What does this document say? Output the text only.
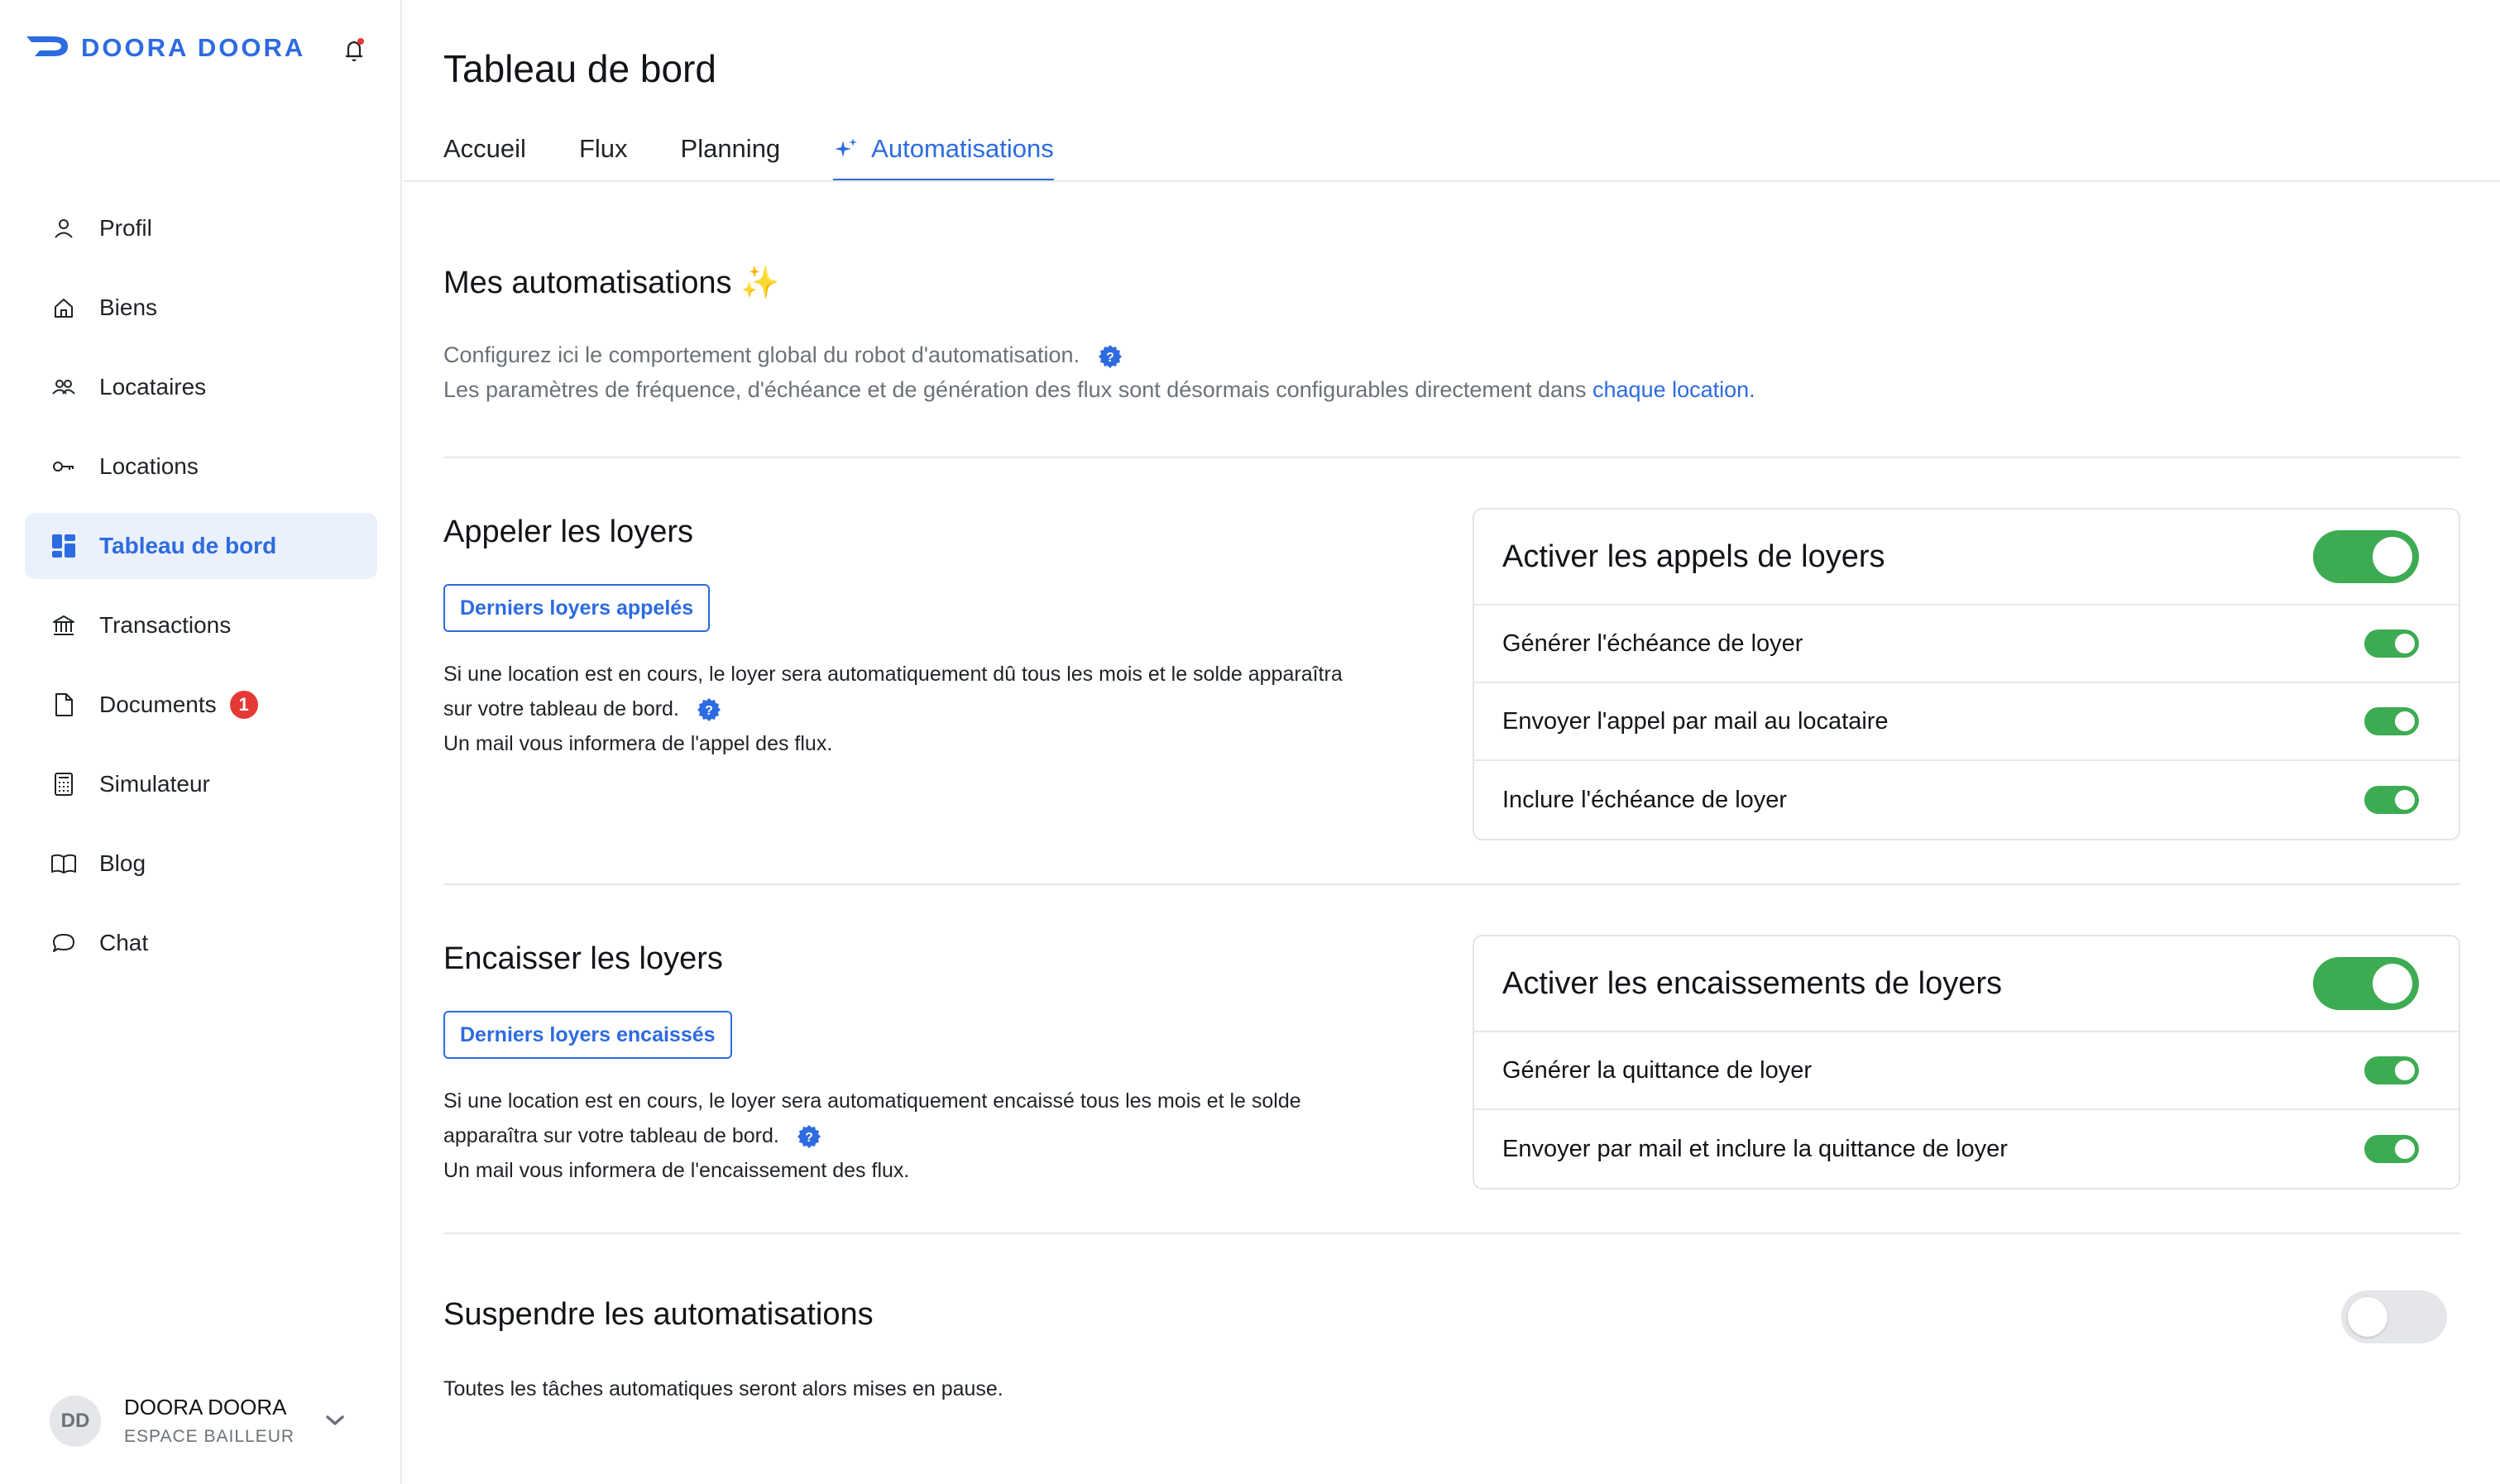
DOORA DOORA
Profil
Biens
Locataires
Locations
Tableau de bord
Transactions
Documents	1
Simulateur
Blog
Chat
DD
DOORA DOORA
ESPACE BAILLEUR
Tableau de bord
Accueil Flux Planning	Automatisations
Mes automatisations ✨
Configurez ici le comportement global du robot d'automatisation. ?
Les paramètres de fréquence, d'échéance et de génération des flux sont désormais configurables directement dans chaque location.
Appeler les loyers
Derniers loyers appelés
Si une location est en cours, le loyer sera automatiquement dû tous les mois et le solde apparaîtra
sur votre tableau de bord. ?
Un mail vous informera de l'appel des flux.
Activer les appels de loyers
Générer l'échéance de loyer
Envoyer l'appel par mail au locataire
Inclure l'échéance de loyer
Encaisser les loyers
Derniers loyers encaissés
Si une location est en cours, le loyer sera automatiquement encaissé tous les mois et le solde
apparaîtra sur votre tableau de bord. ?
Un mail vous informera de l'encaissement des flux.
Activer les encaissements de loyers
Générer la quittance de loyer
Envoyer par mail et inclure la quittance de loyer
Suspendre les automatisations
Toutes les tâches automatiques seront alors mises en pause.
